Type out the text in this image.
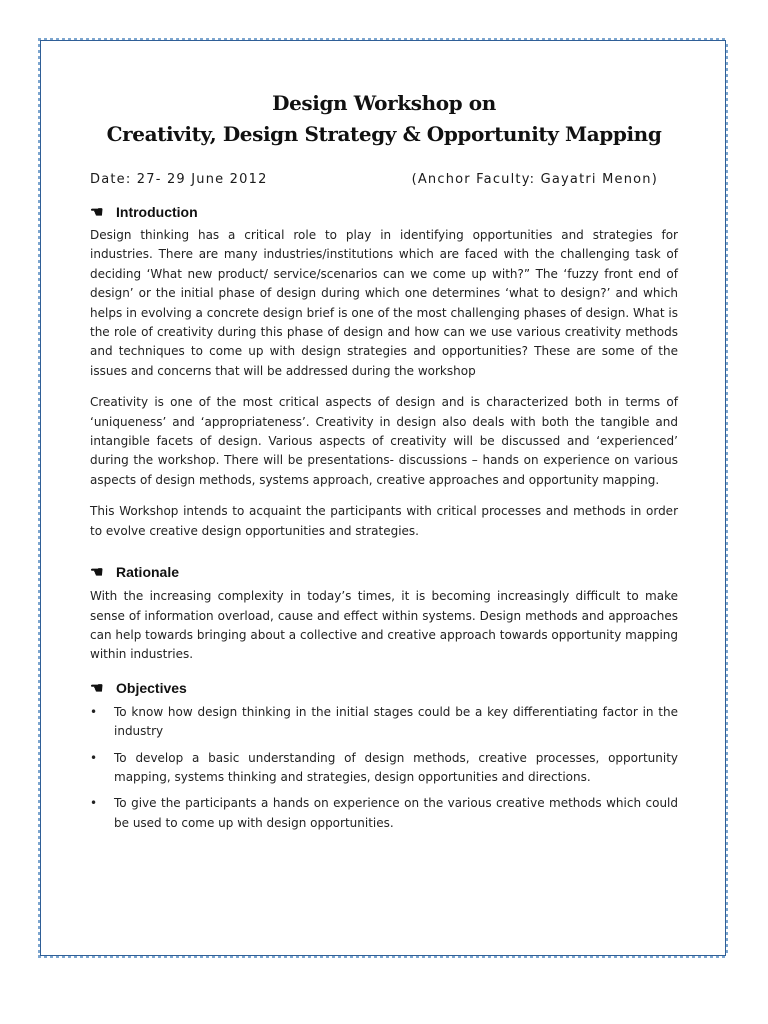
Design Workshop on
Creativity, Design Strategy & Opportunity Mapping
Date: 27- 29 June 2012	(Anchor Faculty: Gayatri Menon)
☚ Introduction

Design thinking has a critical role to play in identifying opportunities and strategies for industries. There are many industries/institutions which are faced with the challenging task of deciding ‘What new product/ service/scenarios can we come up with?” The ‘fuzzy front end of design’ or the initial phase of design during which one determines ‘what to design?’ and which helps in evolving a concrete design brief is one of the most challenging phases of design. What is the role of creativity during this phase of design and how can we use various creativity methods and techniques to come up with design strategies and opportunities? These are some of the issues and concerns that will be addressed during the workshop

Creativity is one of the most critical aspects of design and is characterized both in terms of ‘uniqueness’ and ‘appropriateness’. Creativity in design also deals with both the tangible and intangible facets of design. Various aspects of creativity will be discussed and ‘experienced’ during the workshop. There will be presentations- discussions – hands on experience on various aspects of design methods, systems approach, creative approaches and opportunity mapping.

This Workshop intends to acquaint the participants with critical processes and methods in order to evolve creative design opportunities and strategies.

☚ Rationale

With the increasing complexity in today’s times, it is becoming increasingly difficult to make sense of information overload, cause and effect within systems. Design methods and approaches can help towards bringing about a collective and creative approach towards opportunity mapping within industries.

☚ Objectives
• To know how design thinking in the initial stages could be a key differentiating factor in the industry
• To develop a basic understanding of design methods, creative processes, opportunity mapping, systems thinking and strategies, design opportunities and directions.
• To give the participants a hands on experience on the various creative methods which could be used to come up with design opportunities.
